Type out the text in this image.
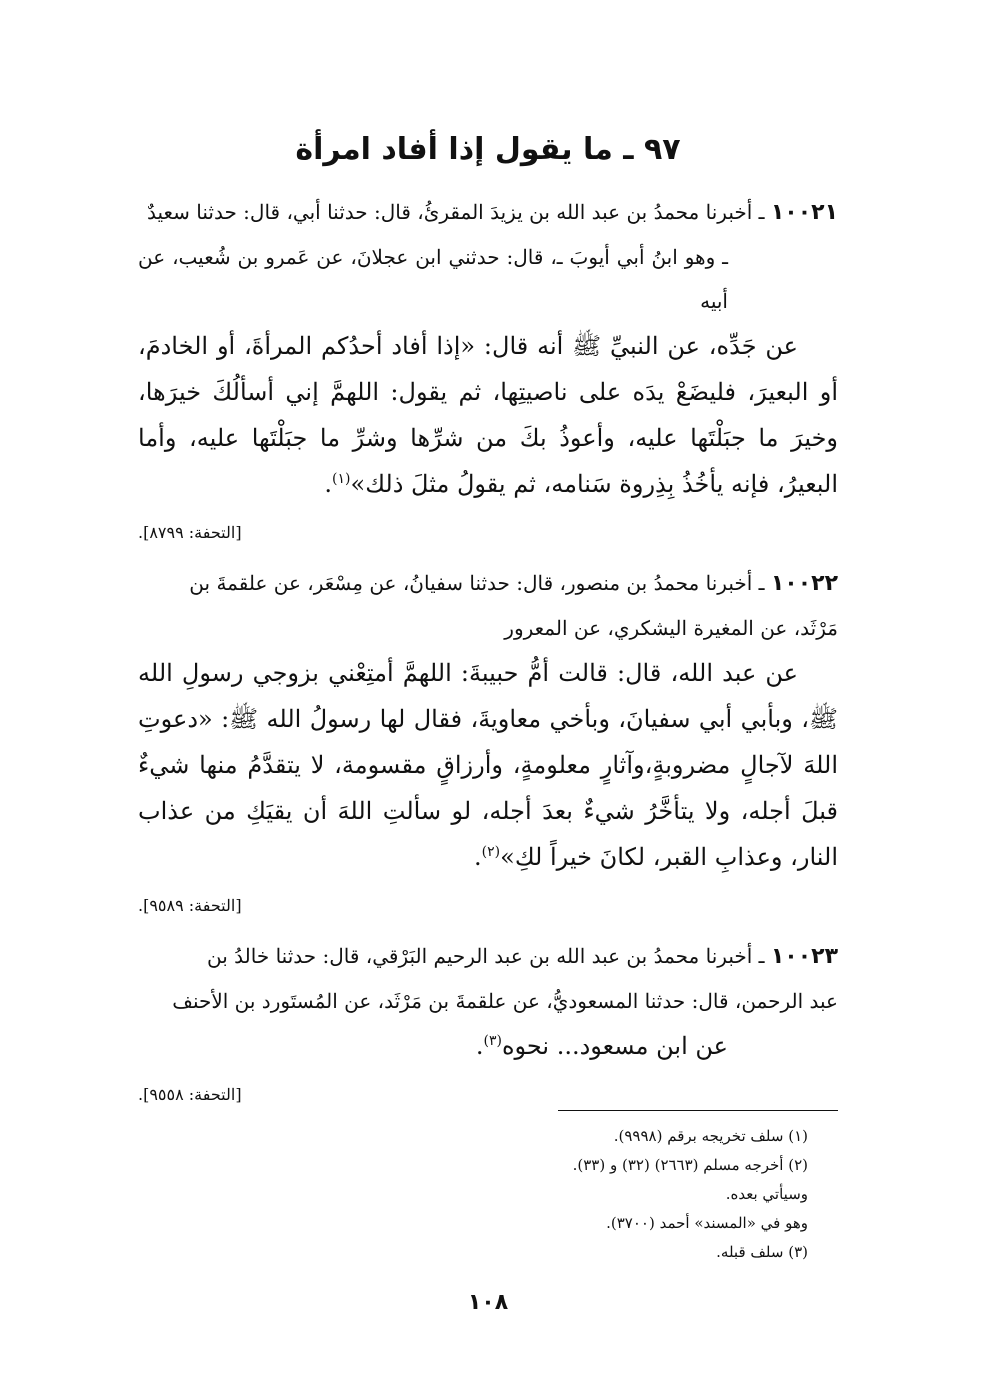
٩٧ ـ ما يقول إذا أفاد امرأة

١٠٠٢١ ـ أخبرنا محمدُ بن عبد الله بن يزيدَ المقرئُ، قال: حدثنا أبي، قال: حدثنا سعيدٌ
ـ وهو ابنُ أبي أيوبَ ـ، قال: حدثني ابن عجلانَ، عن عَمرو بن شُعيب، عن أبيه

عن جَدِّه، عن النبيِّ ﷺ أنه قال: «إذا أفاد أحدُكم المرأةَ، أو الخادمَ، أو البعيرَ، فليضَعْ يدَه على ناصيتِها، ثم يقول: اللهمَّ إني أسألُكَ خيرَها، وخيرَ ما جبَلْتَها عليه، وأعوذُ بكَ من شرِّها وشرِّ ما جبَلْتَها عليه، وأما البعيرُ، فإنه يأخُذُ بِذِروة سَنامه، ثم يقولُ مثلَ ذلك»$^{(١)}$.

[التحفة: ٨٧٩٩].

١٠٠٢٢ ـ أخبرنا محمدُ بن منصور، قال: حدثنا سفيانُ، عن مِسْعَر، عن علقمةَ بن
مَرْثَد، عن المغيرة اليشكري، عن المعرور

عن عبد الله، قال: قالت أمُّ حبيبةَ: اللهمَّ أمتِعْني بزوجي رسولِ الله ﷺ، وبأبي أبي سفيانَ، وبأخي معاويةَ، فقال لها رسولُ الله ﷺ: «دعوتِ اللهَ لآجالٍ مضروبةٍ،وآثارٍ معلومةٍ، وأرزاقٍ مقسومة، لا يتقدَّمُ منها شيءٌ قبلَ أجله، ولا يتأخَّرُ شيءٌ بعدَ أجله، لو سألتِ اللهَ أن يقيَكِ من عذاب النار، وعذابِ القبر، لكانَ خيراً لكِ»$^{(٢)}$.

[التحفة: ٩٥٨٩].

١٠٠٢٣ ـ أخبرنا محمدُ بن عبد الله بن عبد الرحيم البَرْقي، قال: حدثنا خالدُ بن
عبد الرحمن، قال: حدثنا المسعوديُّ، عن علقمةَ بن مَرْثَد، عن المُستَورد بن الأحنف

عن ابن مسعود... نحوه$^{(٣)}$.

[التحفة: ٩٥٥٨].
(١) سلف تخريجه برقم (٩٩٩٨).
(٢) أخرجه مسلم (٢٦٦٣) (٣٢) و (٣٣).
وسيأتي بعده.
وهو في «المسند» أحمد (٣٧٠٠).
(٣) سلف قبله.
١٠٨
